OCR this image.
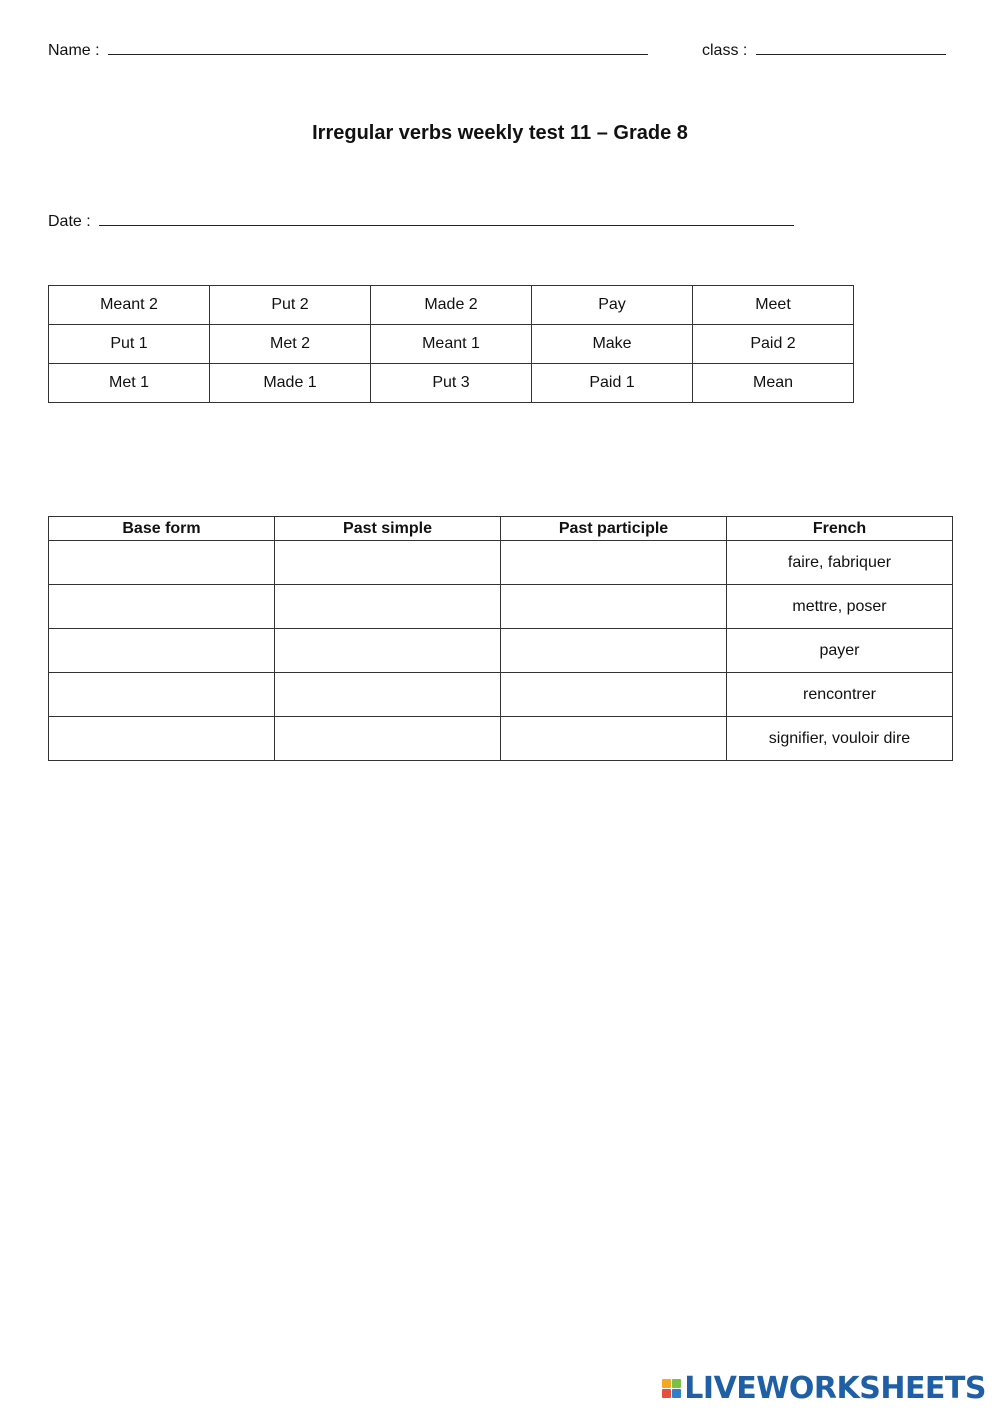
Name :	class :
Irregular verbs weekly test 11 – Grade 8
Date :
Meant 2	Put 2	Made 2	Pay	Meet
Put 1	Met 2	Meant 1	Make	Paid 2
Met 1	Made 1	Put 3	Paid 1	Mean
Base form	Past simple	Past participle	French
			faire, fabriquer
			mettre, poser
			payer
			rencontrer
			signifier, vouloir dire
LIVEWORKSHEETS
